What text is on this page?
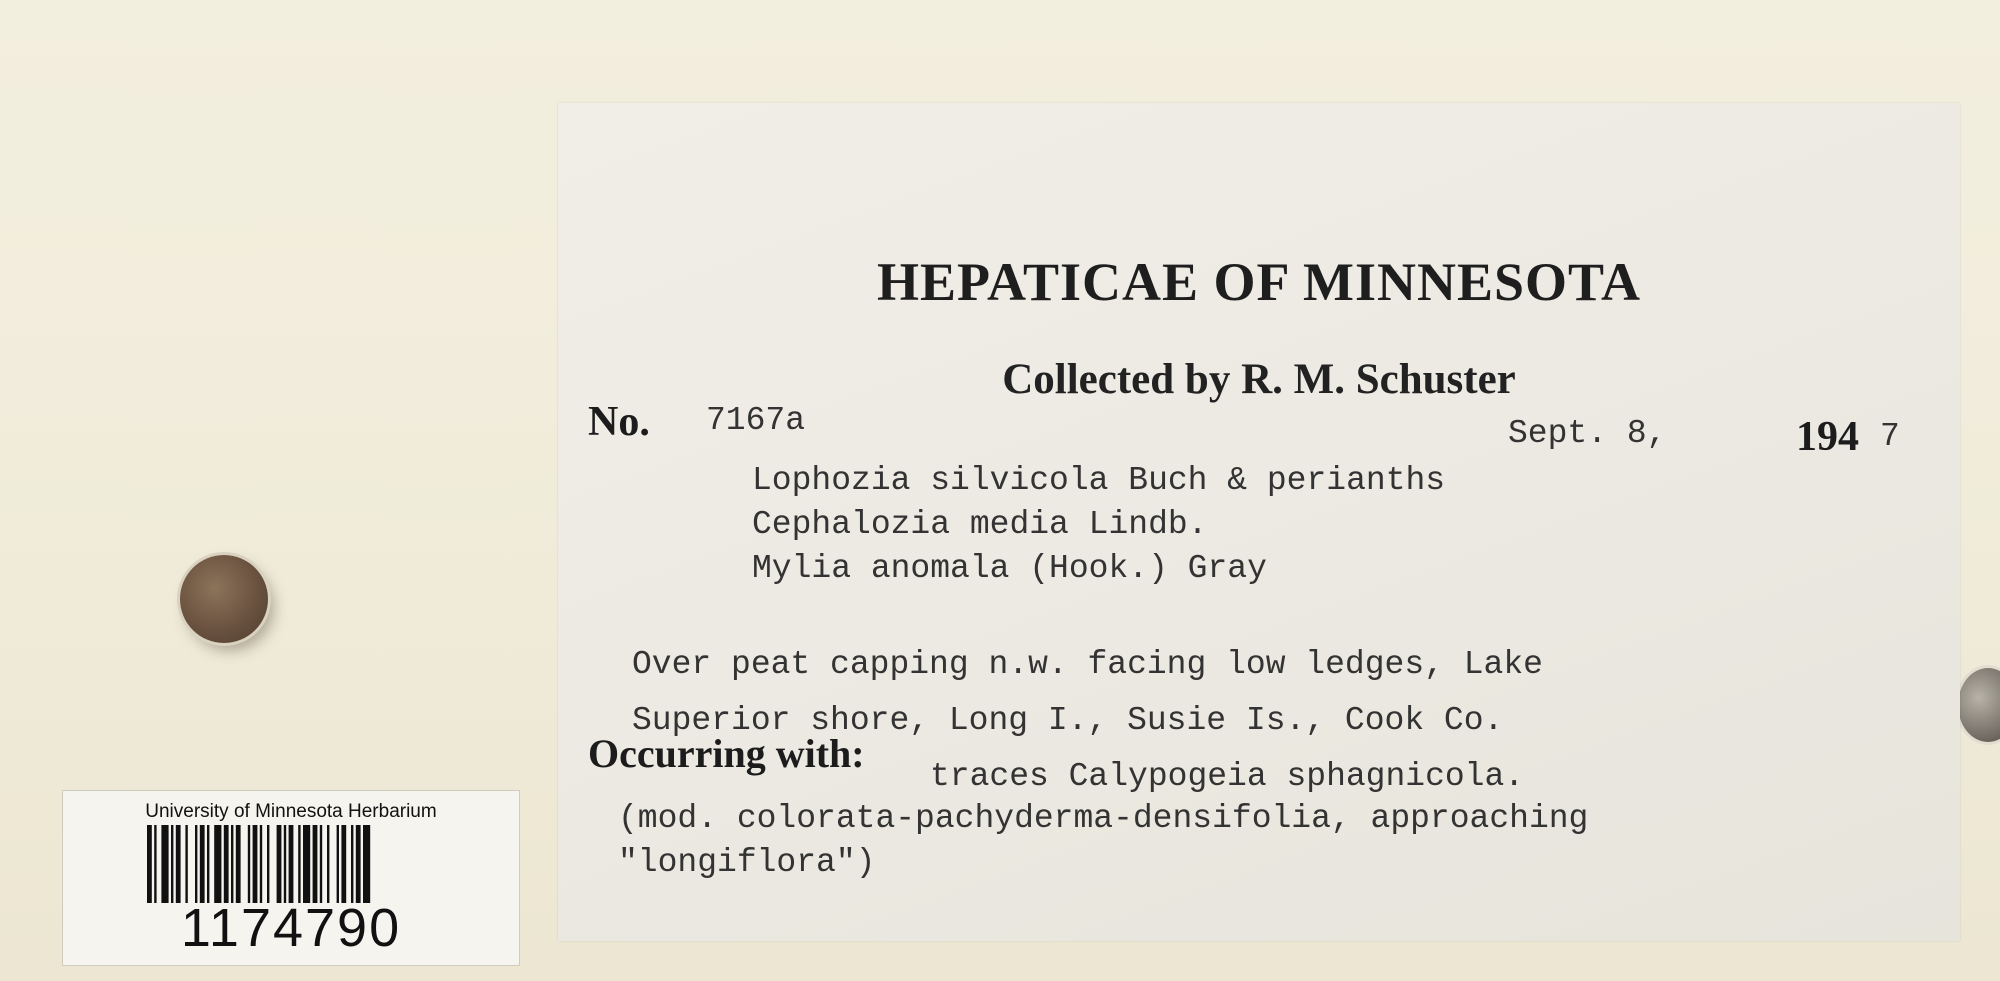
HEPATICAE OF MINNESOTA
Collected by R. M. Schuster
No. 7167a	Sept. 8,	194 7
Lophozia silvicola Buch & perianths
Cephalozia media Lindb.
Mylia anomala (Hook.) Gray
Over peat capping n.w. facing low ledges, Lake
Superior shore, Long I., Susie Is., Cook Co.
Occurring with:
traces Calypogeia sphagnicola.
(mod. colorata-pachyderma-densifolia, approaching
"longiflora")
University of Minnesota Herbarium
1174790
